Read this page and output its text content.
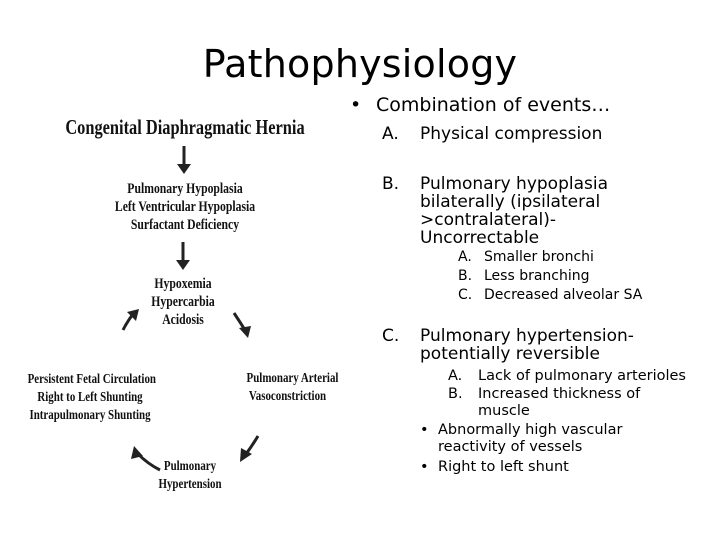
Pathophysiology
Congenital Diaphragmatic Hernia
Pulmonary Hypoplasia
Left Ventricular Hypoplasia
Surfactant Deficiency
Hypoxemia
Hypercarbia
Acidosis
Persistent Fetal Circulation
Right to Left Shunting
Intrapulmonary Shunting
Pulmonary Arterial
Vasoconstriction
Pulmonary
Hypertension
• Combination of events…
A. Physical compression
B. Pulmonary hypoplasia
bilaterally (ipsilateral
>contralateral)-
Uncorrectable
A. Smaller bronchi
B. Less branching
C. Decreased alveolar SA
C. Pulmonary hypertension-
potentially reversible
A. Lack of pulmonary arterioles
B. Increased thickness of
muscle
• Abnormally high vascular
reactivity of vessels
• Right to left shunt
